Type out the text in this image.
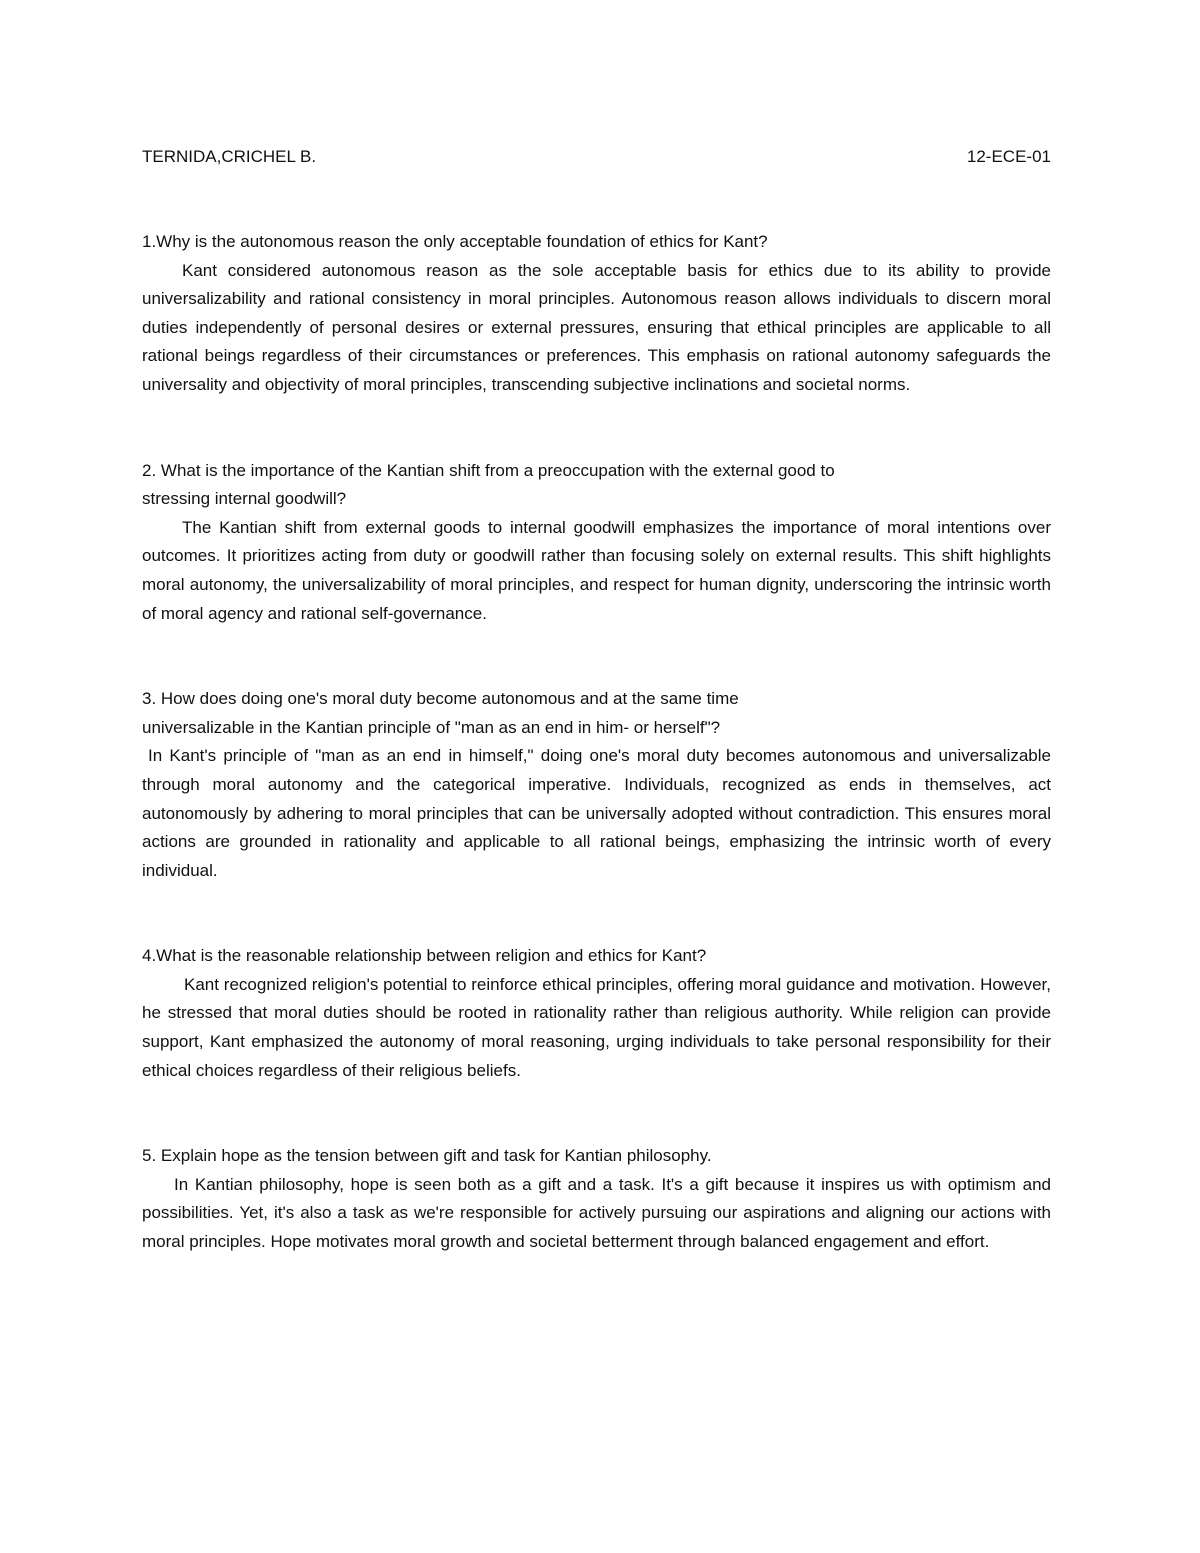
TERNIDA,CRICHEL B.	12-ECE-01

1.Why is the autonomous reason the only acceptable foundation of ethics for Kant?

Kant considered autonomous reason as the sole acceptable basis for ethics due to its ability to provide universalizability and rational consistency in moral principles. Autonomous reason allows individuals to discern moral duties independently of personal desires or external pressures, ensuring that ethical principles are applicable to all rational beings regardless of their circumstances or preferences. This emphasis on rational autonomy safeguards the universality and objectivity of moral principles, transcending subjective inclinations and societal norms.

2. What is the importance of the Kantian shift from a preoccupation with the external good to
stressing internal goodwill?

The Kantian shift from external goods to internal goodwill emphasizes the importance of moral intentions over outcomes. It prioritizes acting from duty or goodwill rather than focusing solely on external results. This shift highlights moral autonomy, the universalizability of moral principles, and respect for human dignity, underscoring the intrinsic worth of moral agency and rational self-governance.

3. How does doing one's moral duty become autonomous and at the same time
universalizable in the Kantian principle of "man as an end in him- or herself"?

In Kant's principle of "man as an end in himself," doing one's moral duty becomes autonomous and universalizable through moral autonomy and the categorical imperative. Individuals, recognized as ends in themselves, act autonomously by adhering to moral principles that can be universally adopted without contradiction. This ensures moral actions are grounded in rationality and applicable to all rational beings, emphasizing the intrinsic worth of every individual.

4.What is the reasonable relationship between religion and ethics for Kant?

Kant recognized religion's potential to reinforce ethical principles, offering moral guidance and motivation. However, he stressed that moral duties should be rooted in rationality rather than religious authority. While religion can provide support, Kant emphasized the autonomy of moral reasoning, urging individuals to take personal responsibility for their ethical choices regardless of their religious beliefs.

5. Explain hope as the tension between gift and task for Kantian philosophy.

In Kantian philosophy, hope is seen both as a gift and a task. It's a gift because it inspires us with optimism and possibilities. Yet, it's also a task as we're responsible for actively pursuing our aspirations and aligning our actions with moral principles. Hope motivates moral growth and societal betterment through balanced engagement and effort.
